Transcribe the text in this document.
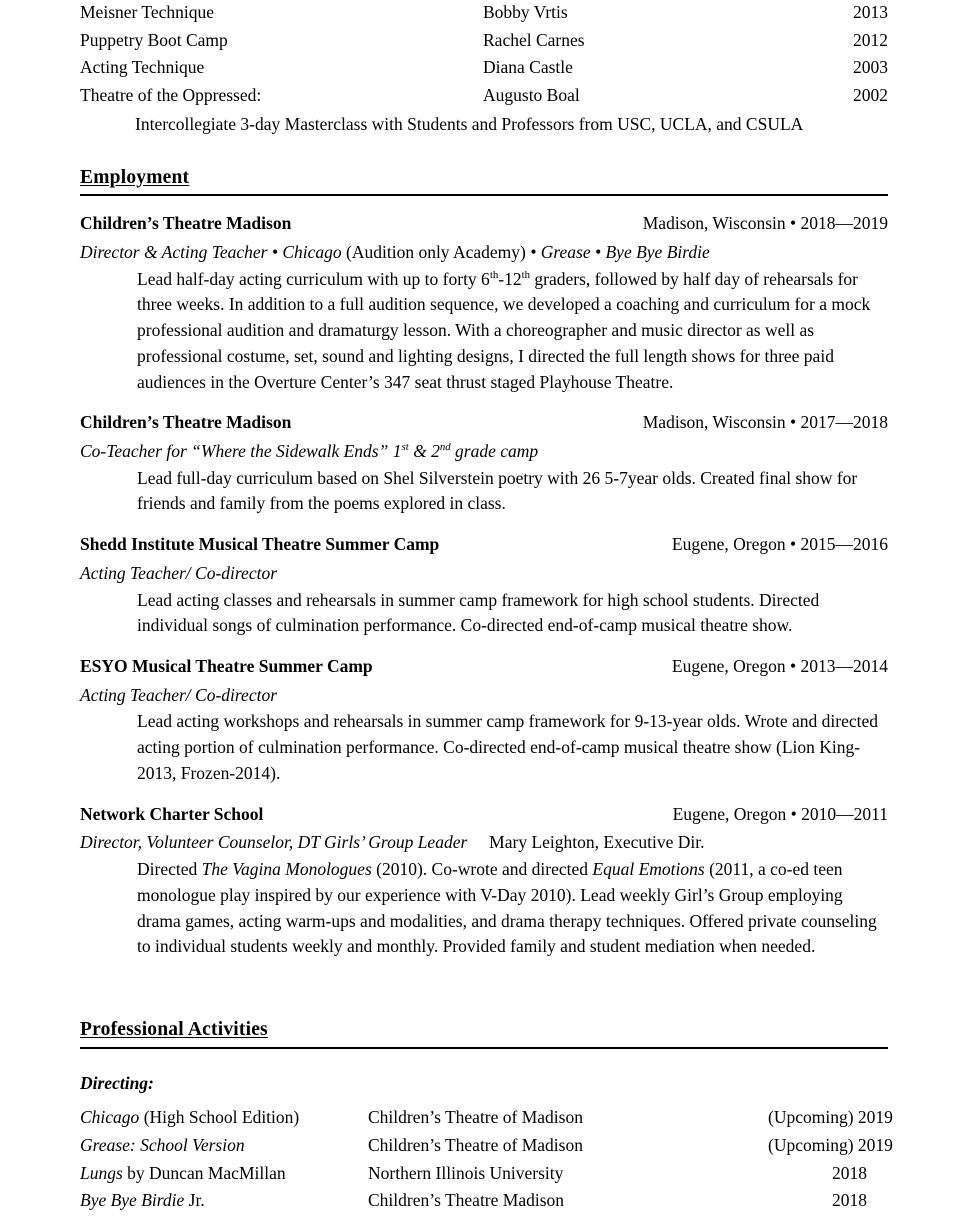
Meisner Technique	Bobby Vrtis	2013
Puppetry Boot Camp	Rachel Carnes	2012
Acting Technique	Diana Castle	2003
Theatre of the Oppressed:	Augusto Boal	2002
Intercollegiate 3-day Masterclass with Students and Professors from USC, UCLA, and CSULA
Employment
Children’s Theatre Madison	Madison, Wisconsin • 2018—2019
Director & Acting Teacher • Chicago (Audition only Academy) • Grease • Bye Bye Birdie
Lead half-day acting curriculum with up to forty 6th-12th graders, followed by half day of rehearsals for three weeks. In addition to a full audition sequence, we developed a coaching and curriculum for a mock professional audition and dramaturgy lesson. With a choreographer and music director as well as professional costume, set, sound and lighting designs, I directed the full length shows for three paid audiences in the Overture Center’s 347 seat thrust staged Playhouse Theatre.
Children’s Theatre Madison	Madison, Wisconsin • 2017—2018
Co-Teacher for “Where the Sidewalk Ends” 1st & 2nd grade camp
Lead full-day curriculum based on Shel Silverstein poetry with 26 5-7year olds. Created final show for friends and family from the poems explored in class.
Shedd Institute Musical Theatre Summer Camp	Eugene, Oregon • 2015—2016
Acting Teacher/ Co-director
Lead acting classes and rehearsals in summer camp framework for high school students. Directed individual songs of culmination performance. Co-directed end-of-camp musical theatre show.
ESYO Musical Theatre Summer Camp	Eugene, Oregon • 2013—2014
Acting Teacher/ Co-director
Lead acting workshops and rehearsals in summer camp framework for 9-13-year olds. Wrote and directed acting portion of culmination performance. Co-directed end-of-camp musical theatre show (Lion King-2013, Frozen-2014).
Network Charter School	Eugene, Oregon • 2010—2011
Director, Volunteer Counselor, DT Girls’ Group Leader Mary Leighton, Executive Dir.
Directed The Vagina Monologues (2010). Co-wrote and directed Equal Emotions (2011, a co-ed teen monologue play inspired by our experience with V-Day 2010). Lead weekly Girl’s Group employing drama games, acting warm-ups and modalities, and drama therapy techniques. Offered private counseling to individual students weekly and monthly. Provided family and student mediation when needed.
Professional Activities
Directing:
Chicago (High School Edition)	Children’s Theatre of Madison	(Upcoming) 2019
Grease: School Version	Children’s Theatre of Madison	(Upcoming) 2019
Lungs by Duncan MacMillan	Northern Illinois University	2018
Bye Bye Birdie Jr.	Children’s Theatre Madison	2018
